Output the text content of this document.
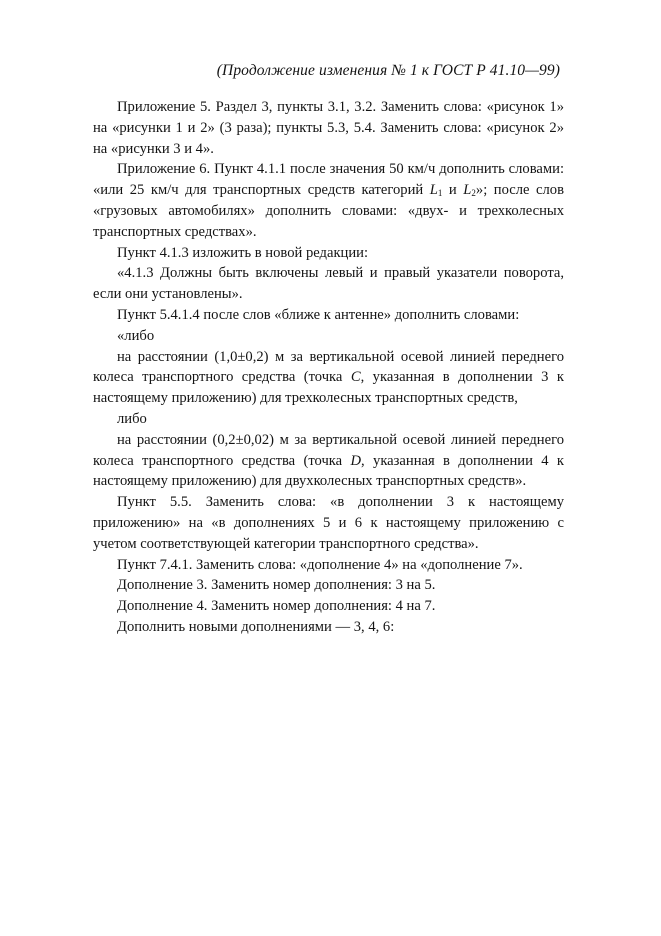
(Продолжение изменения № 1 к ГОСТ Р 41.10—99)

Приложение 5. Раздел 3, пункты 3.1, 3.2. Заменить слова: «рисунок 1» на «рисунки 1 и 2» (3 раза); пункты 5.3, 5.4. Заменить слова: «рисунок 2» на «рисунки 3 и 4».

Приложение 6. Пункт 4.1.1 после значения 50 км/ч дополнить словами: «или 25 км/ч для транспортных средств категорий $L_1$ и $L_2$»; после слов «грузовых автомобилях» дополнить словами: «двух- и трехколесных транспортных средствах».

Пункт 4.1.3 изложить в новой редакции:

«4.1.3 Должны быть включены левый и правый указатели поворота, если они установлены».

Пункт 5.4.1.4 после слов «ближе к антенне» дополнить словами:

«либо

на расстоянии (1,0±0,2) м за вертикальной осевой линией переднего колеса транспортного средства (точка C, указанная в дополнении 3 к настоящему приложению) для трехколесных транспортных средств,

либо

на расстоянии (0,2±0,02) м за вертикальной осевой линией переднего колеса транспортного средства (точка D, указанная в дополнении 4 к настоящему приложению) для двухколесных транспортных средств».

Пункт 5.5. Заменить слова: «в дополнении 3 к настоящему приложению» на «в дополнениях 5 и 6 к настоящему приложению с учетом соответствующей категории транспортного средства».

Пункт 7.4.1. Заменить слова: «дополнение 4» на «дополнение 7».

Дополнение 3. Заменить номер дополнения: 3 на 5.

Дополнение 4. Заменить номер дополнения: 4 на 7.

Дополнить новыми дополнениями — 3, 4, 6:
